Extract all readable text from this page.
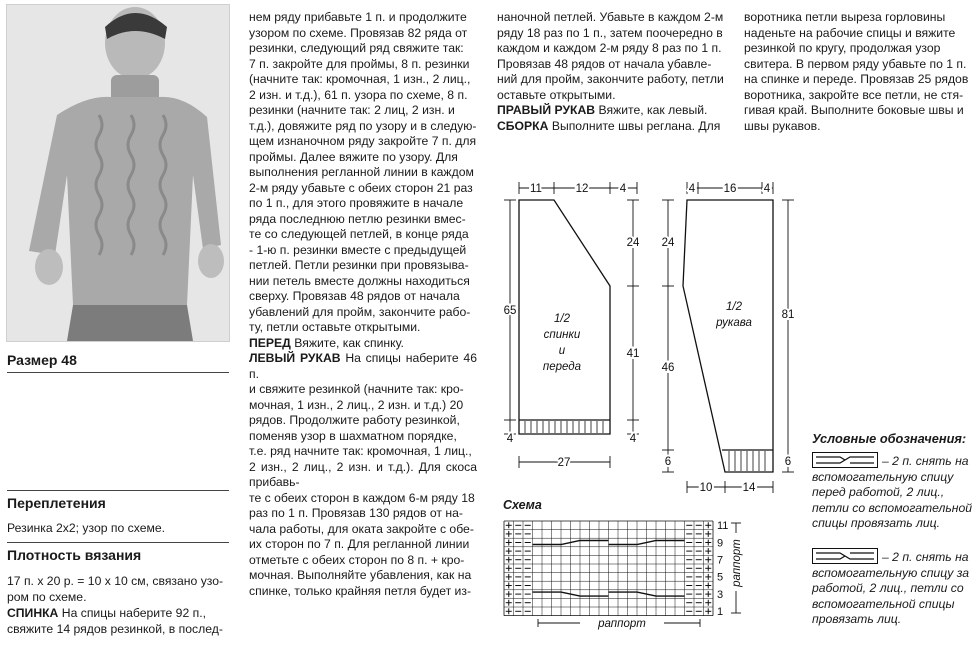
Размер 48
Переплетения
Резинка 2х2; узор по схеме.
Плотность вязания
17 п. х 20 р. = 10 х 10 см, связано узо-
ром по схеме.
СПИНКА На спицы наберите 92 п.,
свяжите 14 рядов резинкой, в послед-
нем ряду прибавьте 1 п. и продолжите
узором по схеме. Провязав 82 ряда от
резинки, следующий ряд свяжите так:
7 п. закройте для проймы, 8 п. резинки
(начните так: кромочная, 1 изн., 2 лиц.,
2 изн. и т.д.), 61 п. узора по схеме, 8 п.
резинки (начните так: 2 лиц, 2 изн. и
т.д.), довяжите ряд по узору и в следую-
щем изнаночном ряду закройте 7 п. для
проймы. Далее вяжите по узору. Для
выполнения регланной линии в каждом
2-м ряду убавьте с обеих сторон 21 раз
по 1 п., для этого провяжите в начале
ряда последнюю петлю резинки вмес-
те со следующей петлей, в конце ряда
- 1-ю п. резинки вместе с предыдущей
петлей. Петли резинки при провязыва-
нии петель вместе должны находиться
сверху. Провязав 48 рядов от начала
убавлений для пройм, закончите рабо-
ту, петли оставьте открытыми.
ПЕРЕД Вяжите, как спинку.
ЛЕВЫЙ РУКАВ На спицы наберите 46 п.
и свяжите резинкой (начните так: кро-
мочная, 1 изн., 2 лиц., 2 изн. и т.д.) 20
рядов. Продолжите работу резинкой,
поменяв узор в шахматном порядке,
т.е. ряд начните так: кромочная, 1 лиц.,
2 изн., 2 лиц., 2 изн. и т.д.). Для скоса прибавь-
те с обеих сторон в каждом 6-м ряду 18
раз по 1 п. Провязав 130 рядов от на-
чала работы, для оката закройте с обе-
их сторон по 7 п. Для регланной линии
отметьте с обеих сторон по 8 п. + кро-
мочная. Выполняйте убавления, как на
спинке, только крайняя петля будет из-
наночной петлей. Убавьте в каждом 2-м
ряду 18 раз по 1 п., затем поочередно в
каждом и каждом 2-м ряду 8 раз по 1 п.
Провязав 48 рядов от начала убавле-
ний для пройм, закончите работу, петли
оставьте открытыми.
ПРАВЫЙ РУКАВ Вяжите, как левый.
СБОРКА Выполните швы реглана. Для
воротника петли выреза горловины
наденьте на рабочие спицы и вяжите
резинкой по кругу, продолжая узор
свитера. В первом ряду убавьте по 1 п.
на спинке и переде. Провязав 25 рядов
воротника, закройте все петли, не стя-
гивая край. Выполните боковые швы и
швы рукавов.
11	12	4
24
41
4
65
4
27
1/2
спинки
и
переда
4 16 4
24
46
6
81
6
10	14
1/2
рукава
Схема
11
9
7
5
3
1
раппорт
раппорт
Условные обозначения:
– 2 п. снять на
вспомогательную спицу
перед работой, 2 лиц.,
петли со вспомогательной
спицы провязать лиц.
– 2 п. снять на
вспомогательную спицу за
работой, 2 лиц., петли со
вспомогательной спицы
провязать лиц.
